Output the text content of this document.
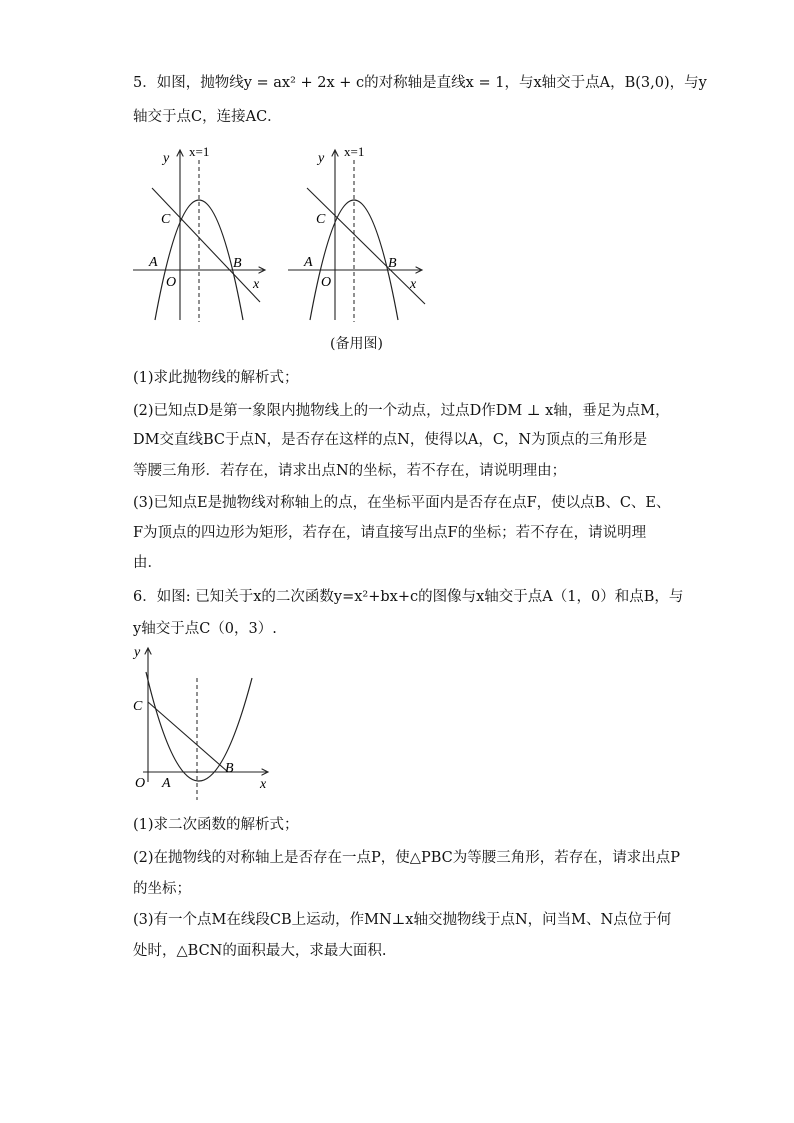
5．如图，抛物线y = ax² + 2x + c的对称轴是直线x = 1，与x轴交于点A，B(3,0)，与y
轴交于点C，连接AC．
x=1
y
C
A
O
B
x
x=1
y
C
A
O
B
x
(备用图)
(1)求此抛物线的解析式；
(2)已知点D是第一象限内抛物线上的一个动点，过点D作DM ⊥ x轴，垂足为点M，
DM交直线BC于点N，是否存在这样的点N，使得以A，C，N为顶点的三角形是
等腰三角形．若存在，请求出点N的坐标，若不存在，请说明理由；
(3)已知点E是抛物线对称轴上的点，在坐标平面内是否存在点F，使以点B、C、E、
F为顶点的四边形为矩形，若存在，请直接写出点F的坐标；若不存在，请说明理
由．
6．如图: 已知关于x的二次函数y=x²+bx+c的图像与x轴交于点A（1，0）和点B，与
y轴交于点C（0，3）.
y
C
O A
B
x
(1)求二次函数的解析式；
(2)在抛物线的对称轴上是否存在一点P，使△PBC为等腰三角形，若存在，请求出点P
的坐标；
(3)有一个点M在线段CB上运动，作MN⊥x轴交抛物线于点N，问当M、N点位于何
处时，△BCN的面积最大，求最大面积.
